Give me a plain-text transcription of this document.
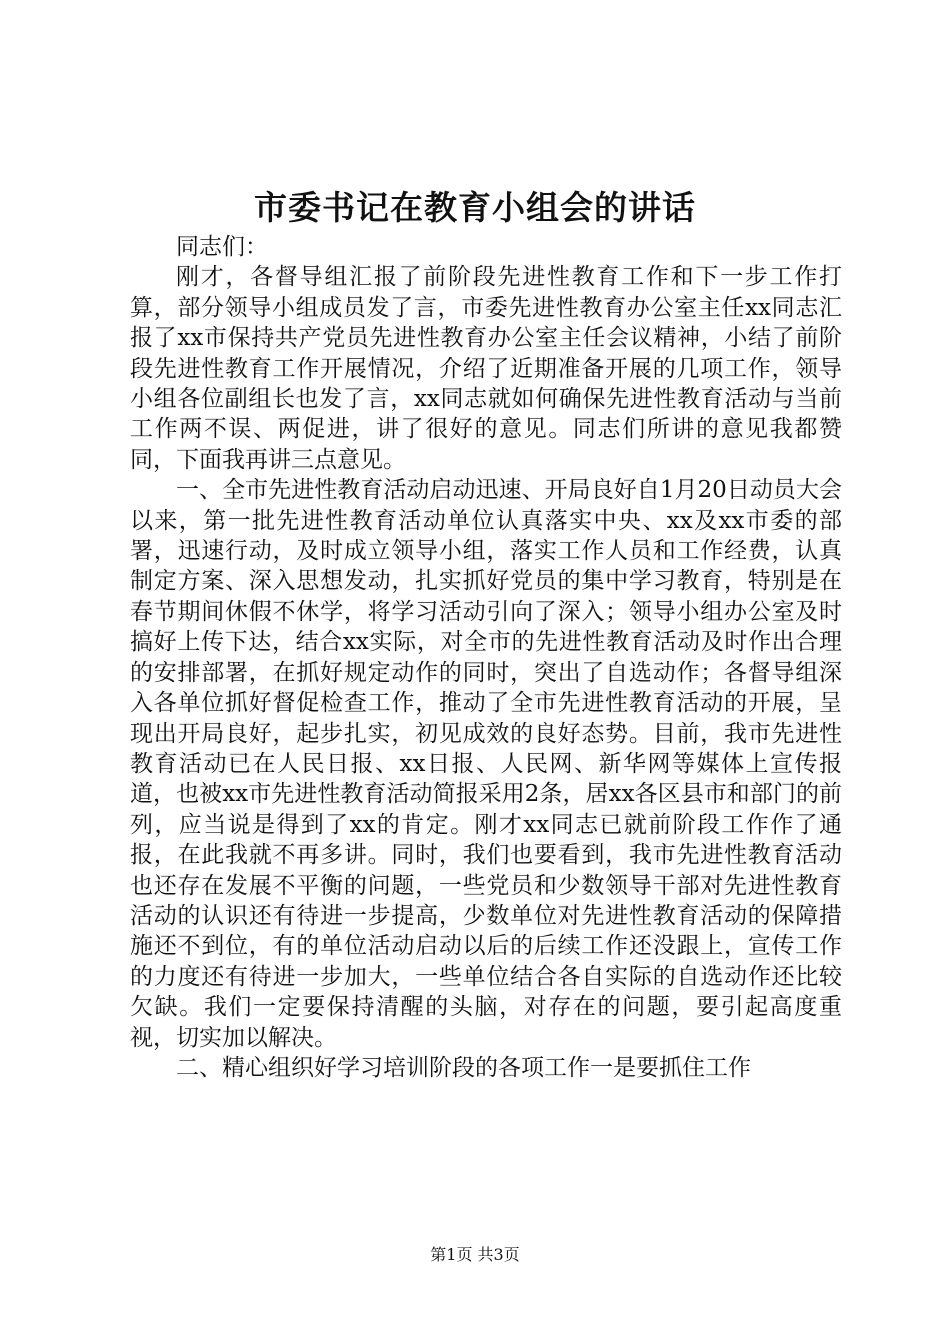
市委书记在教育小组会的讲话

同志们：

刚才，各督导组汇报了前阶段先进性教育工作和下一步工作打算，部分领导小组成员发了言，市委先进性教育办公室主任xx同志汇报了xx市保持共产党员先进性教育办公室主任会议精神，小结了前阶段先进性教育工作开展情况，介绍了近期准备开展的几项工作，领导小组各位副组长也发了言，xx同志就如何确保先进性教育活动与当前工作两不误、两促进，讲了很好的意见。同志们所讲的意见我都赞同，下面我再讲三点意见。

一、全市先进性教育活动启动迅速、开局良好自1月20日动员大会以来，第一批先进性教育活动单位认真落实中央、xx及xx市委的部署，迅速行动，及时成立领导小组，落实工作人员和工作经费，认真制定方案、深入思想发动，扎实抓好党员的集中学习教育，特别是在春节期间休假不休学，将学习活动引向了深入；领导小组办公室及时搞好上传下达，结合xx实际，对全市的先进性教育活动及时作出合理的安排部署，在抓好规定动作的同时，突出了自选动作；各督导组深入各单位抓好督促检查工作，推动了全市先进性教育活动的开展，呈现出开局良好，起步扎实，初见成效的良好态势。目前，我市先进性教育活动已在人民日报、xx日报、人民网、新华网等媒体上宣传报道，也被xx市先进性教育活动简报采用2条，居xx各区县市和部门的前列，应当说是得到了xx的肯定。刚才xx同志已就前阶段工作作了通报，在此我就不再多讲。同时，我们也要看到，我市先进性教育活动也还存在发展不平衡的问题，一些党员和少数领导干部对先进性教育活动的认识还有待进一步提高，少数单位对先进性教育活动的保障措施还不到位，有的单位活动启动以后的后续工作还没跟上，宣传工作的力度还有待进一步加大，一些单位结合各自实际的自选动作还比较欠缺。我们一定要保持清醒的头脑，对存在的问题，要引起高度重视，切实加以解决。

二、精心组织好学习培训阶段的各项工作一是要抓住工作

第1页 共3页
